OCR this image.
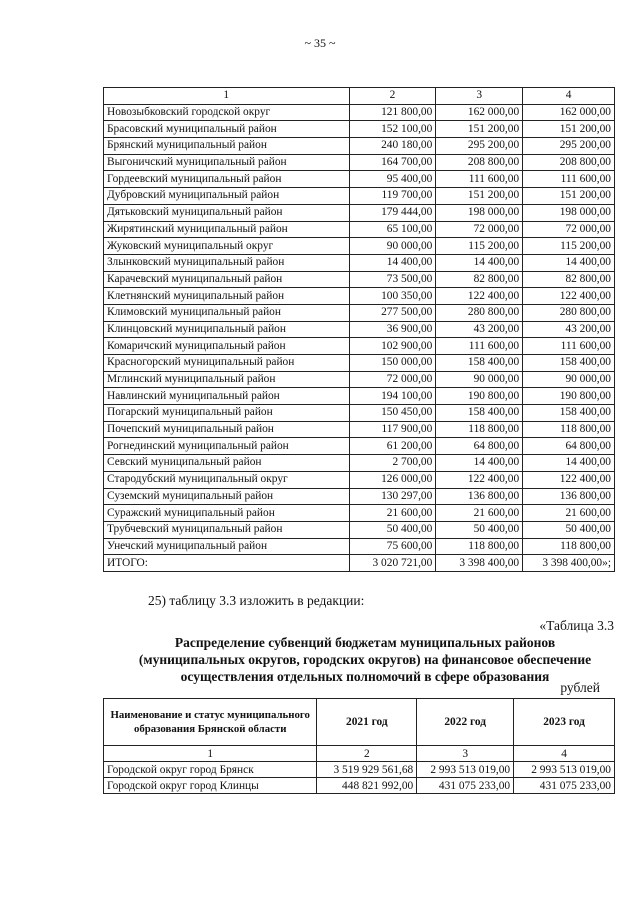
~ 35 ~
1	2	3	4
Новозыбковский городской округ	121 800,00	162 000,00	162 000,00
Брасовский муниципальный район	152 100,00	151 200,00	151 200,00
Брянский муниципальный район	240 180,00	295 200,00	295 200,00
Выгоничский муниципальный район	164 700,00	208 800,00	208 800,00
Гордеевский муниципальный район	95 400,00	111 600,00	111 600,00
Дубровский муниципальный район	119 700,00	151 200,00	151 200,00
Дятьковский муниципальный район	179 444,00	198 000,00	198 000,00
Жирятинский муниципальный район	65 100,00	72 000,00	72 000,00
Жуковский муниципальный округ	90 000,00	115 200,00	115 200,00
Злынковский муниципальный район	14 400,00	14 400,00	14 400,00
Карачевский муниципальный район	73 500,00	82 800,00	82 800,00
Клетнянский муниципальный район	100 350,00	122 400,00	122 400,00
Климовский муниципальный район	277 500,00	280 800,00	280 800,00
Клинцовский муниципальный район	36 900,00	43 200,00	43 200,00
Комаричский муниципальный район	102 900,00	111 600,00	111 600,00
Красногорский муниципальный район	150 000,00	158 400,00	158 400,00
Мглинский муниципальный район	72 000,00	90 000,00	90 000,00
Навлинский муниципальный район	194 100,00	190 800,00	190 800,00
Погарский муниципальный район	150 450,00	158 400,00	158 400,00
Почепский муниципальный район	117 900,00	118 800,00	118 800,00
Рогнединский муниципальный район	61 200,00	64 800,00	64 800,00
Севский муниципальный район	2 700,00	14 400,00	14 400,00
Стародубский муниципальный округ	126 000,00	122 400,00	122 400,00
Суземский муниципальный район	130 297,00	136 800,00	136 800,00
Суражский муниципальный район	21 600,00	21 600,00	21 600,00
Трубчевский муниципальный район	50 400,00	50 400,00	50 400,00
Унечский муниципальный район	75 600,00	118 800,00	118 800,00
ИТОГО:	3 020 721,00	3 398 400,00	3 398 400,00»;
25) таблицу 3.3 изложить в редакции:
«Таблица 3.3
Распределение субвенций бюджетам муниципальных районов
(муниципальных округов, городских округов) на финансовое обеспечение
осуществления отдельных полномочий в сфере образования
рублей
Наименование и статус муниципального образования Брянской области	2021 год	2022 год	2023 год
1	2	3	4
Городской округ город Брянск	3 519 929 561,68	2 993 513 019,00	2 993 513 019,00
Городской округ город Клинцы	448 821 992,00	431 075 233,00	431 075 233,00
